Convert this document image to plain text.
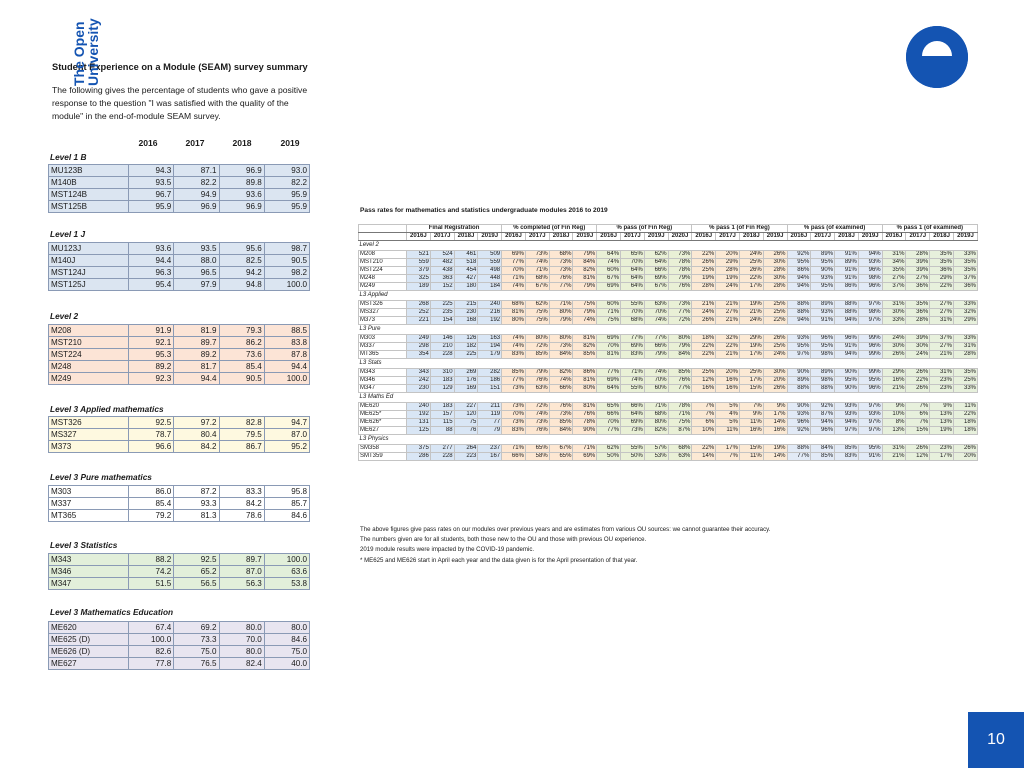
Student Experience on a Module (SEAM) survey summary
The following gives the percentage of students who gave a positive response to the question "I was satisfied with the quality of the module" in the end-of-module SEAM survey.
2016	2017	2018	2019
Level 1 B
MU123B	94.3	87.1	96.9	93.0
M140B	93.5	82.2	89.8	82.2
MST124B	96.7	94.9	93.6	95.9
MST125B	95.9	96.9	96.9	95.9
Level 1 J
MU123J	93.6	93.5	95.6	98.7
M140J	94.4	88.0	82.5	90.5
MST124J	96.3	96.5	94.2	98.2
MST125J	95.4	97.9	94.8	100.0
Level 2
M208	91.9	81.9	79.3	88.5
MST210	92.1	89.7	86.2	83.8
MST224	95.3	89.2	73.6	87.8
M248	89.2	81.7	85.4	94.4
M249	92.3	94.4	90.5	100.0
Level 3 Applied mathematics
MST326	92.5	97.2	82.8	94.7
MS327	78.7	80.4	79.5	87.0
M373	96.6	84.2	86.7	95.2
Level 3 Pure mathematics
M303	86.0	87.2	83.3	95.8
M337	85.4	93.3	84.2	85.7
MT365	79.2	81.3	78.6	84.6
Level 3 Statistics
M343	88.2	92.5	89.7	100.0
M346	74.2	65.2	87.0	63.6
M347	51.5	56.5	56.3	53.8
Level 3 Mathematics Education
ME620	67.4	69.2	80.0	80.0
ME625 (D)	100.0	73.3	70.0	84.6
ME626 (D)	82.6	75.0	80.0	75.0
ME627	77.8	76.5	82.4	40.0
The Open
University
Pass rates for mathematics and statistics undergraduate modules 2016 to 2019
	Final Registration				% completed (of Fin Reg)				% pass (of Fin Reg)				% pass 1 (of Fin Reg)				% pass (of examined)				% pass 1 (of examined)			
	2016J	2017J	2018J	2019J	2016J	2017J	2018J	2019J	2016J	2017J	2019J	2020J	2016J	2017J	2018J	2019J	2016J	2017J	2018J	2019J	2016J	2017J	2018J	2019J
Level 2																								
M208	521	524	461	509	69%	73%	68%	79%	64%	65%	62%	73%	22%	20%	24%	26%	92%	89%	91%	94%	31%	28%	35%	33%
MST210	559	482	518	559	77%	74%	73%	84%	74%	70%	64%	78%	26%	29%	25%	30%	95%	95%	89%	93%	34%	39%	35%	35%
MST224	379	438	454	498	70%	71%	73%	82%	60%	64%	66%	78%	25%	28%	26%	28%	86%	90%	91%	96%	35%	39%	36%	35%
M248	325	363	427	448	71%	68%	76%	81%	67%	64%	69%	79%	19%	19%	22%	30%	94%	93%	91%	98%	27%	27%	29%	37%
M249	189	152	180	184	74%	67%	77%	79%	69%	64%	67%	76%	28%	24%	17%	28%	94%	95%	86%	96%	37%	36%	22%	36%
L3 Applied																								
MST326	268	225	215	240	68%	62%	71%	75%	60%	55%	63%	73%	21%	21%	19%	25%	88%	89%	88%	97%	31%	35%	27%	33%
MS327	252	235	230	216	81%	75%	80%	79%	71%	70%	70%	77%	24%	27%	21%	25%	88%	93%	88%	98%	30%	36%	27%	32%
M373	221	154	168	192	80%	75%	79%	74%	75%	68%	74%	72%	26%	21%	24%	22%	94%	91%	94%	97%	33%	28%	31%	29%
L3 Pure																								
M303	249	146	126	163	74%	80%	80%	81%	69%	77%	77%	80%	18%	32%	29%	26%	93%	96%	96%	99%	24%	39%	37%	33%
M337	298	210	182	194	74%	72%	73%	82%	70%	69%	66%	79%	22%	22%	19%	25%	95%	95%	91%	96%	30%	30%	27%	31%
MT365	354	228	225	179	83%	85%	84%	85%	81%	83%	79%	84%	22%	21%	17%	24%	97%	98%	94%	99%	26%	24%	21%	28%
L3 Stats																								
M343	343	310	269	282	85%	79%	82%	86%	77%	71%	74%	85%	25%	20%	25%	30%	90%	89%	90%	99%	29%	26%	31%	35%
M346	242	183	176	186	77%	76%	74%	81%	69%	74%	70%	76%	12%	16%	17%	20%	89%	98%	95%	95%	16%	22%	23%	25%
M347	230	129	169	151	73%	63%	66%	80%	64%	55%	60%	77%	16%	16%	15%	26%	88%	88%	90%	96%	21%	26%	23%	33%
L3 Maths Ed																								
ME620	240	183	227	211	73%	72%	76%	81%	65%	66%	71%	78%	7%	5%	7%	9%	90%	92%	93%	97%	9%	7%	9%	11%
ME625*	192	157	120	119	70%	74%	73%	76%	66%	64%	68%	71%	7%	4%	9%	17%	93%	87%	93%	93%	10%	6%	13%	22%
ME626*	131	115	75	77	73%	73%	85%	78%	70%	69%	80%	75%	6%	5%	11%	14%	96%	94%	94%	97%	8%	7%	13%	18%
ME627	125	88	76	79	83%	76%	84%	90%	77%	73%	82%	87%	10%	11%	16%	16%	92%	96%	97%	97%	13%	15%	19%	18%
L3 Physics																								
SM358	375	277	264	237	71%	65%	67%	71%	62%	55%	57%	68%	22%	17%	15%	19%	88%	84%	85%	95%	31%	26%	23%	26%
SMT359	286	228	223	167	66%	58%	65%	69%	50%	50%	53%	63%	14%	7%	11%	14%	77%	85%	83%	91%	21%	12%	17%	20%
The above figures give pass rates on our modules over previous years and are estimates from various OU sources: we cannot guarantee their accuracy.
The numbers given are for all students, both those new to the OU and those with previous OU experience.
2019 module results were impacted by the COVID-19 pandemic.
* ME625 and ME626 start in April each year and the data given is for the April presentation of that year.
10
